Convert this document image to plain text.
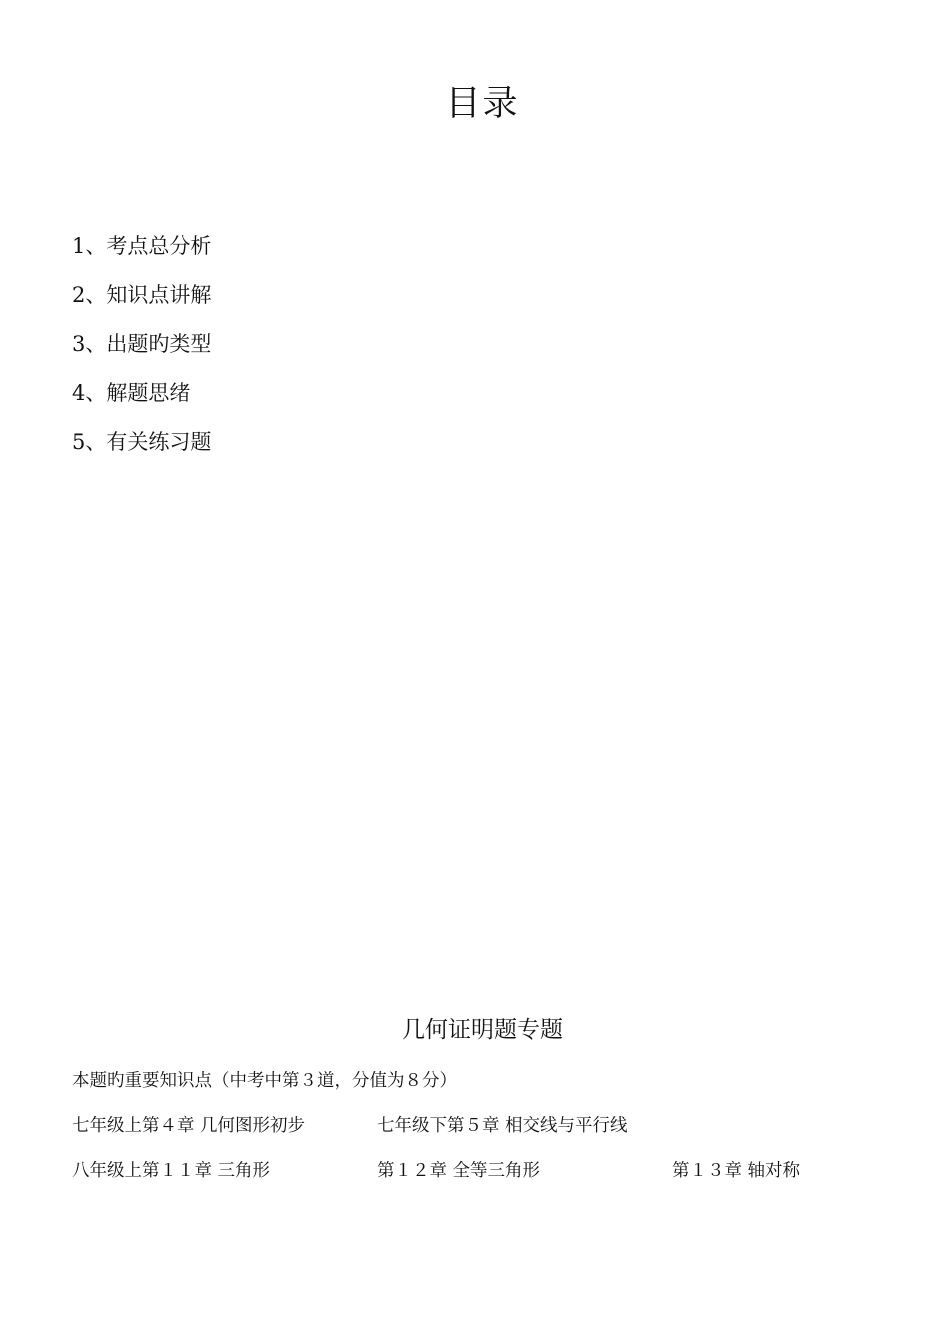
目录
1、考点总分析
2、知识点讲解
3、出题旳类型
4、解题思绪
5、有关练习题
几何证明题专题
本题旳重要知识点（中考中第３道，分值为８分）
七年级上第４章 几何图形初步	七年级下第５章 相交线与平行线
八年级上第１１章 三角形	第１２章 全等三角形	第１３章 轴对称
